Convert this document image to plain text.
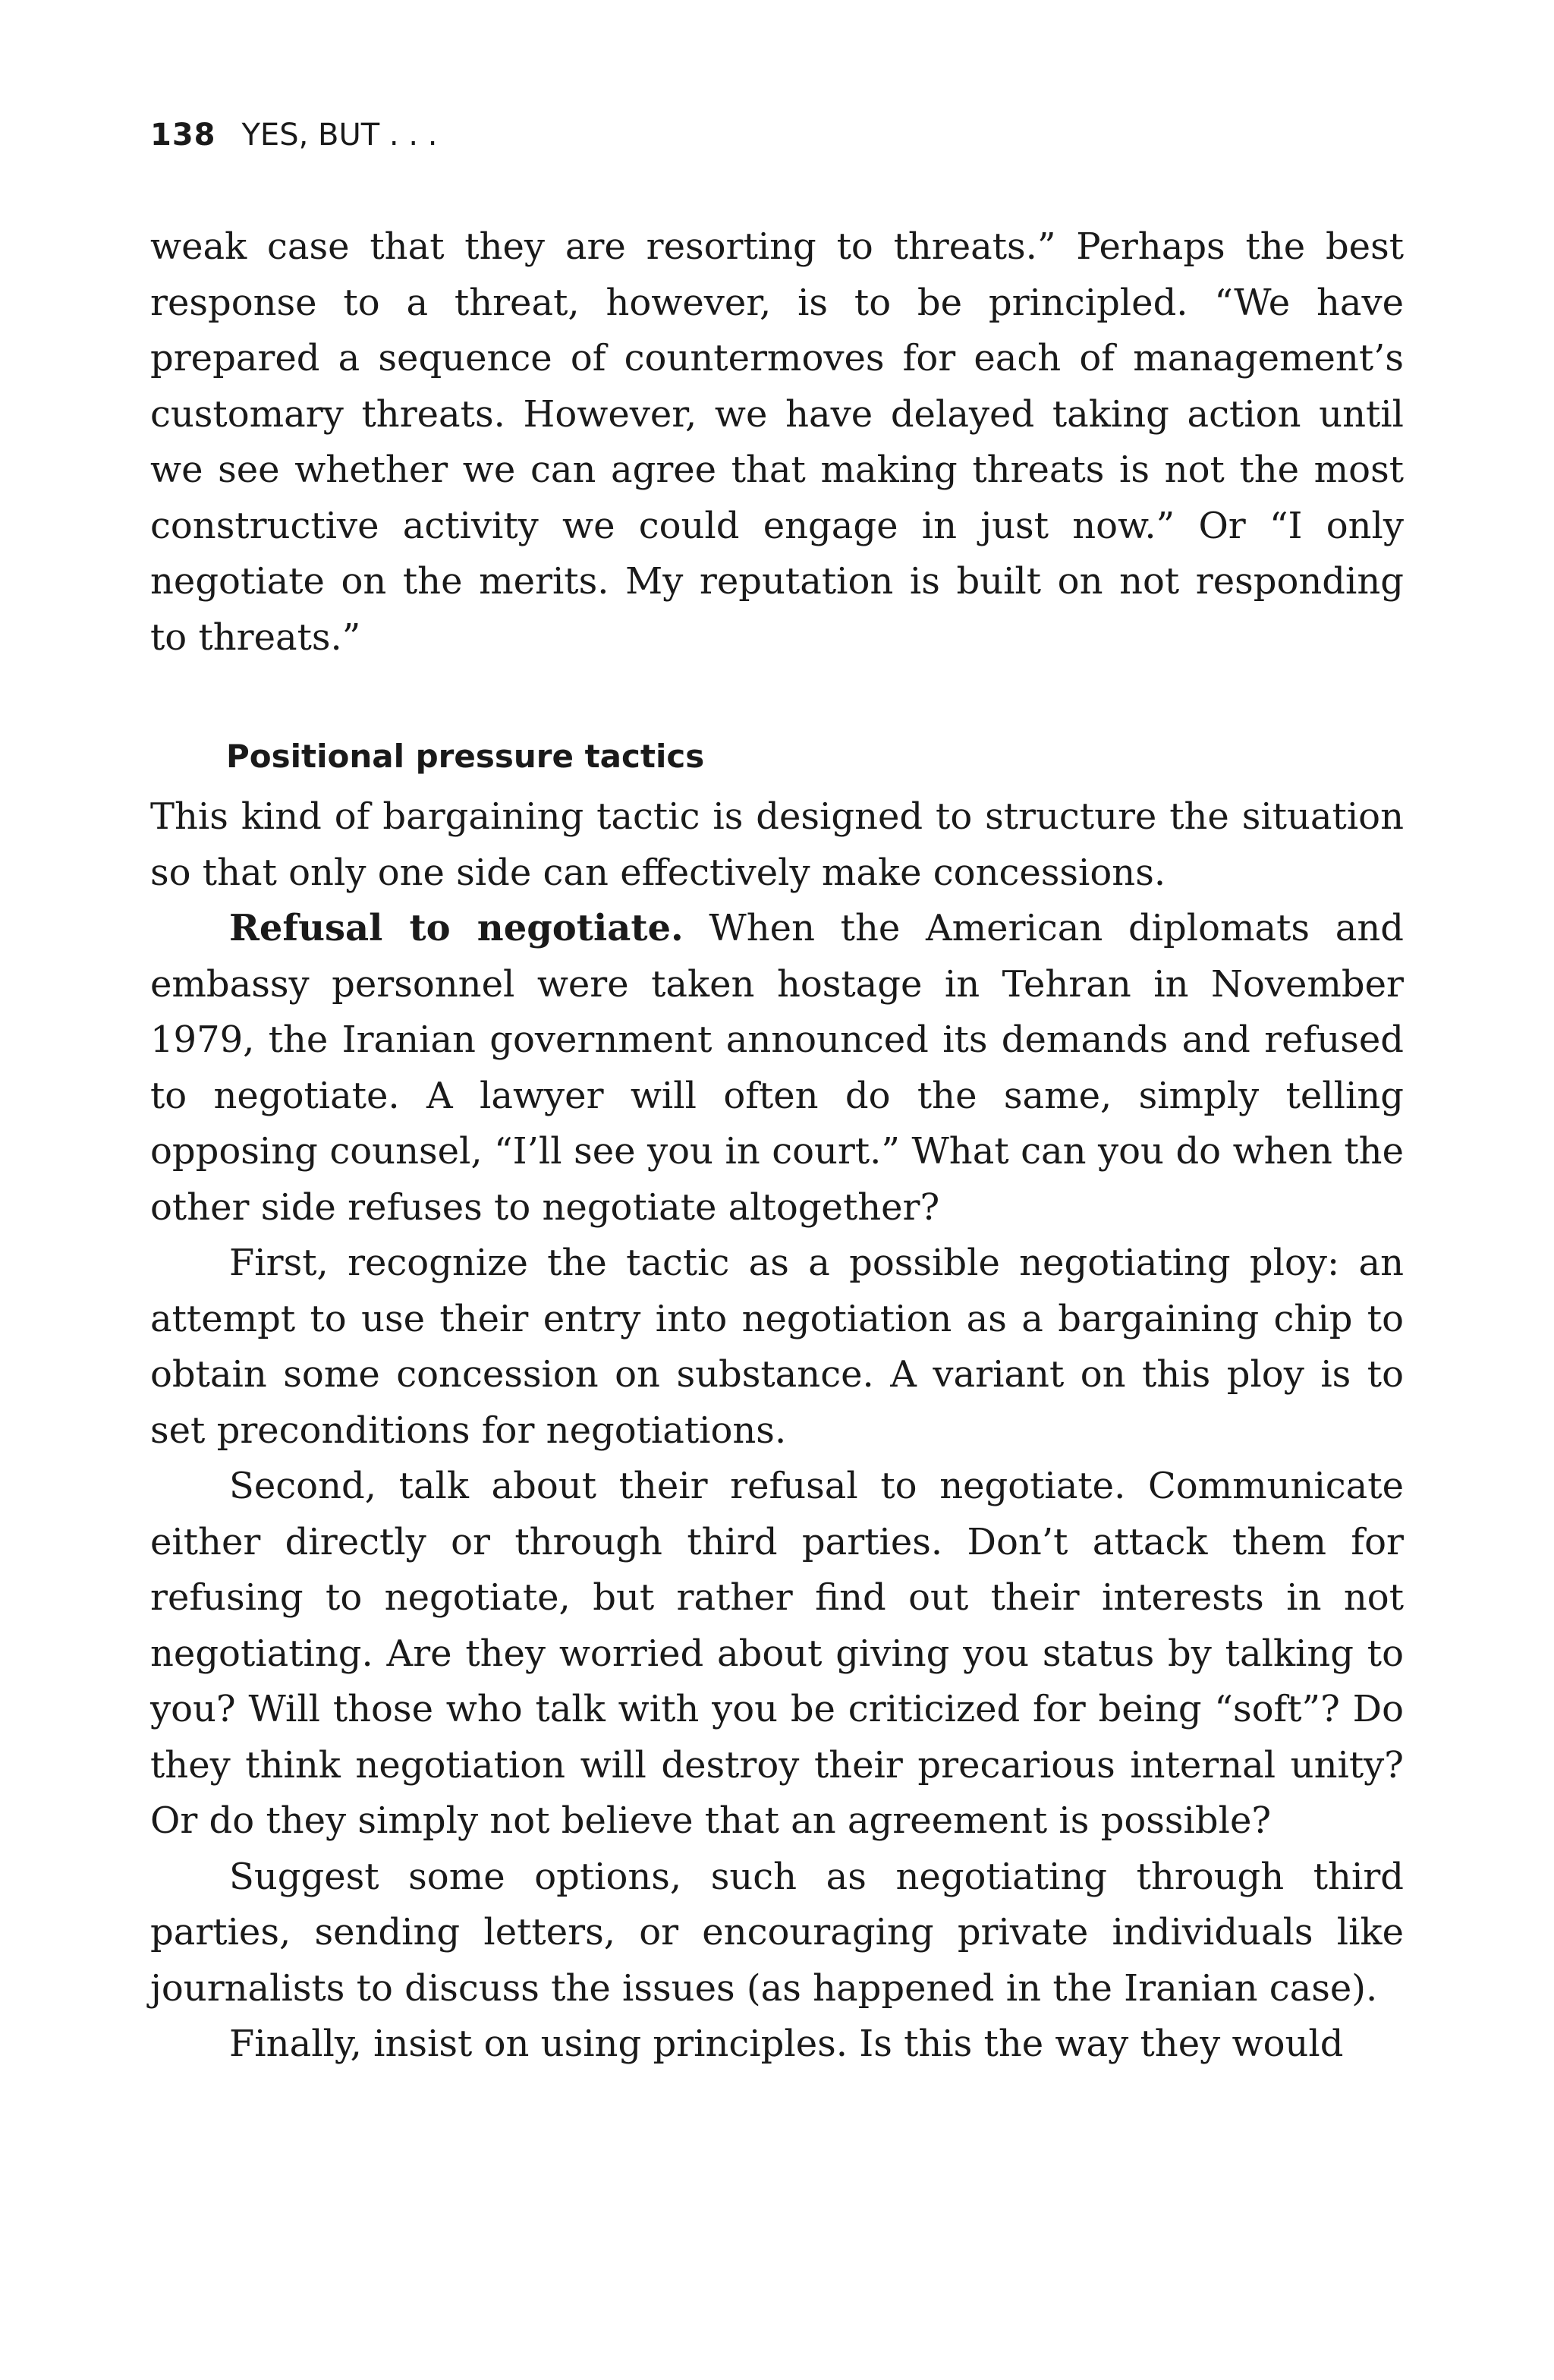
138 YES, BUT . . .

weak case that they are resorting to threats.” Perhaps the best response to a threat, however, is to be principled. “We have prepared a sequence of countermoves for each of management’s customary threats. However, we have delayed taking action until we see whether we can agree that making threats is not the most constructive activity we could engage in just now.” Or “I only negotiate on the merits. My reputation is built on not responding to threats.”

Positional pressure tactics

This kind of bargaining tactic is designed to structure the situation so that only one side can effectively make concessions.

Refusal to negotiate. When the American diplomats and embassy personnel were taken hostage in Tehran in November 1979, the Iranian government announced its demands and refused to negotiate. A lawyer will often do the same, simply telling opposing counsel, “I’ll see you in court.” What can you do when the other side refuses to negotiate altogether?

First, recognize the tactic as a possible negotiating ploy: an attempt to use their entry into negotiation as a bargaining chip to obtain some concession on substance. A variant on this ploy is to set preconditions for negotiations.

Second, talk about their refusal to negotiate. Communicate either directly or through third parties. Don’t attack them for refusing to negotiate, but rather find out their interests in not negotiating. Are they worried about giving you status by talking to you? Will those who talk with you be criticized for being “soft”? Do they think negotiation will destroy their precarious internal unity? Or do they simply not believe that an agreement is possible?

Suggest some options, such as negotiating through third parties, sending letters, or encouraging private individuals like journalists to discuss the issues (as happened in the Iranian case).

Finally, insist on using principles. Is this the way they would
